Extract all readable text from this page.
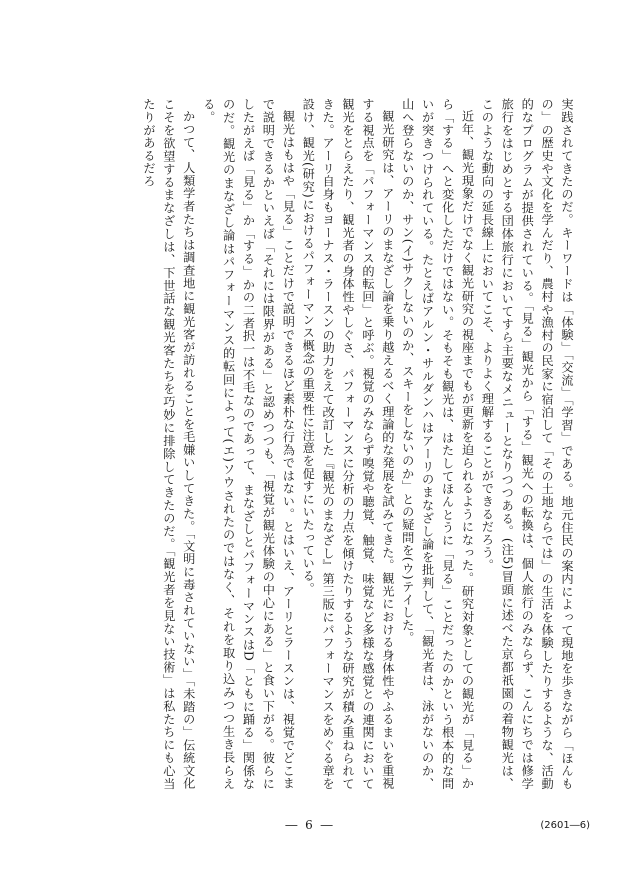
実践されてきたのだ。キーワードは「体験」「交流」「学習」である。地元住民の案内によって現地を歩きながら「ほんもの」の歴史や文化を学んだり、農村や漁村の民家に宿泊して「その土地ならでは」の生活を体験したりするような、活動的なプログラムが提供されている。「見る」観光から「する」観光への転換は、個人旅行のみならず、こんにちでは修学旅行をはじめとする団体旅行においてすら主要なメニューとなりつつある。(注5)冒頭に述べた京都祇園の着物観光は、このような動向の延長線上においてこそ、よりよく理解することができるだろう。

近年、観光現象だけでなく観光研究の視座までもが更新を迫られるようになった。研究対象としての観光が「見る」から「する」へと変化しただけではない。そもそも観光は、はたしてほんとうに「見る」ことだったのかという根本的な問いが突きつけられている。たとえばアルン・サルダンハはアーリのまなざし論を批判して、「観光者は、泳がないのか、山へ登らないのか、サン(イ)サクしないのか、スキーをしないのか」との疑問を(ウ)テイした。

観光研究は、アーリのまなざし論を乗り越えるべく理論的な発展を試みてきた。観光における身体性やふるまいを重視する視点を「パフォーマンス的転回」と呼ぶ。視覚のみならず嗅覚や聴覚、触覚、味覚など多様な感覚との連関において観光をとらえたり、観光者の身体性やしぐさ、パフォーマンスに分析の力点を傾けたりするような研究が積み重ねられてきた。アーリ自身もヨーナス・ラースンの助力をえて改訂した『観光のまなざし』第三版にパフォーマンスをめぐる章を設け、観光(研究)におけるパフォーマンス概念の重要性に注意を促すにいたっている。

観光はもはや「見る」ことだけで説明できるほど素朴な行為ではない。とはいえ、アーリとラースンは、視覚でどこまで説明できるかといえば「それには限界がある」と認めつつも、「視覚が観光体験の中心にある」と食い下がる。彼らにしたがえば「見る」か「する」かの二者択一は不毛なのであって、まなざしとパフォーマンスはD「ともに踊る」関係なのだ。観光のまなざし論はパフォーマンス的転回によって(エ)ソウされたのではなく、それを取り込みつつ生き長らえる。

かつて、人類学者たちは調査地に観光客が訪れることを毛嫌いしてきた。「文明に毒されていない」「未踏の」伝統文化こそを欲望するまなざしは、下世話な観光客たちを巧妙に排除してきたのだ。「観光者を見ない技術」は私たちにも心当たりがあるだろ

― 6 ―	(2601―6)
